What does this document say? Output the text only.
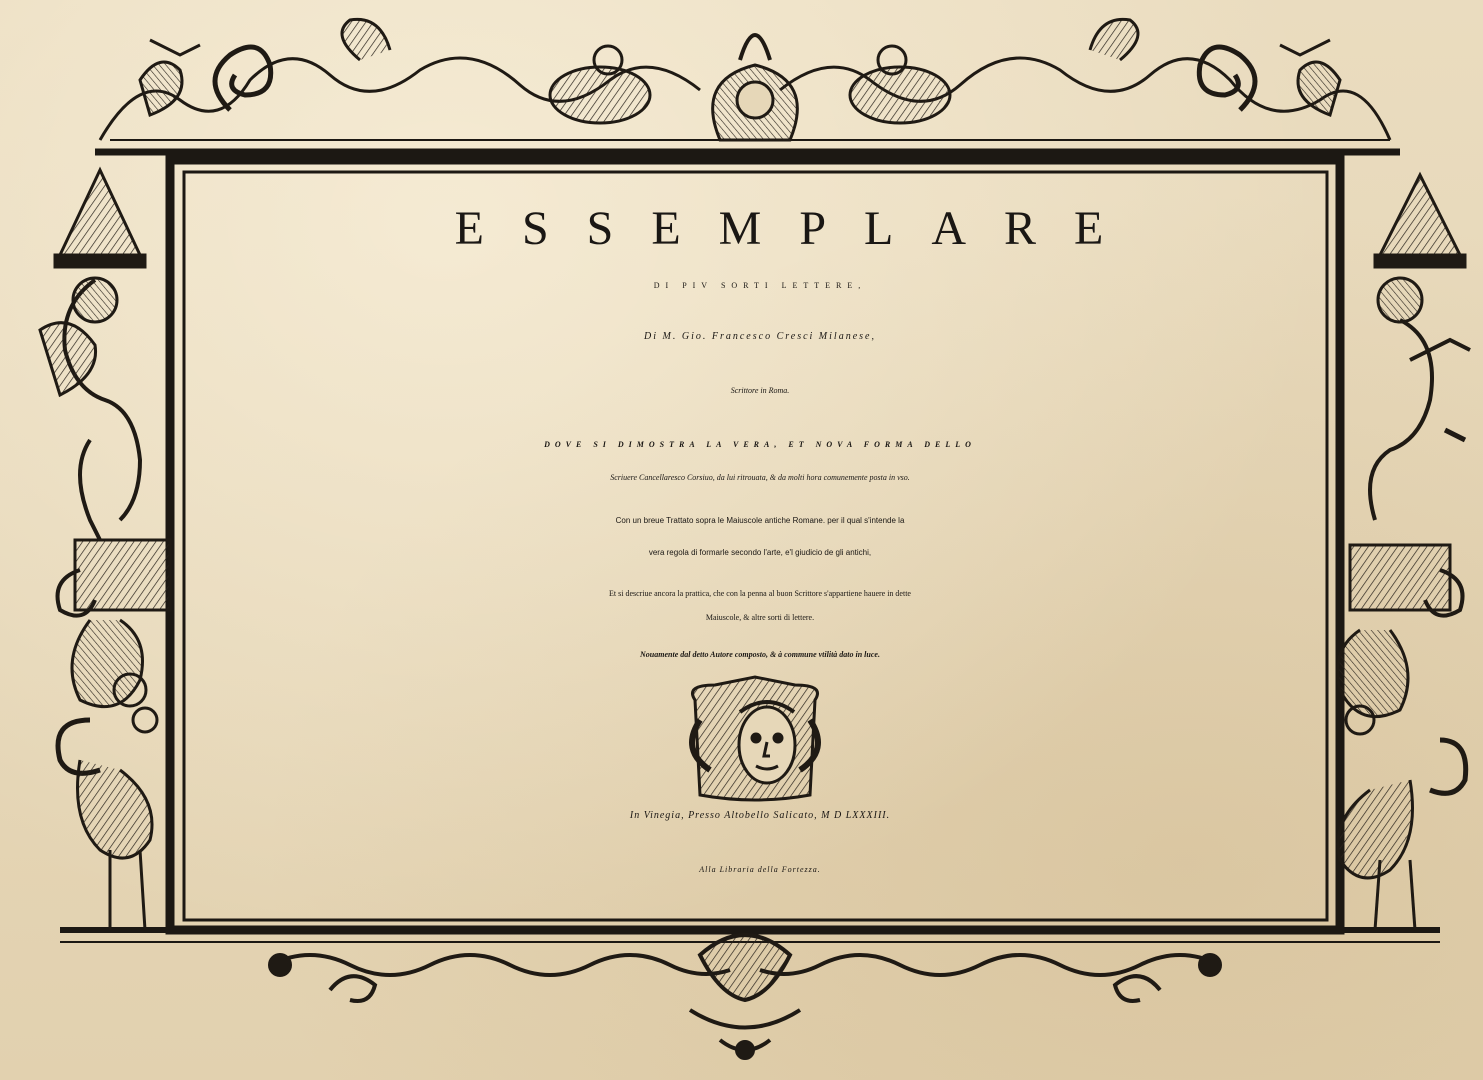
ESSEMPLARE
DI PIV SORTI LETTERE,
Di M. Gio. Francesco Cresci Milanese,
Scrittore in Roma.
DOVE SI DIMOSTRA LA VERA, ET NOVA FORMA DELLO
Scriuere Cancellaresco Corsiuo, da lui ritrouata, & da molti hora comunemente posta in vso.
Con un breue Trattato sopra le Maiuscole antiche Romane. per il qual s'intende la
vera regola di formarle secondo l'arte, e'l giudicio de gli antichi,
Et si descriue ancora la prattica, che con la penna al buon Scrittore s'appartiene hauere in dette
Maiuscole, & altre sorti di lettere.
Nouamente dal detto Autore composto, & à commune vtilità dato in luce.
In Vinegia, Presso Altobello Salicato, M D LXXXIII.
Alla Libraria della Fortezza.
